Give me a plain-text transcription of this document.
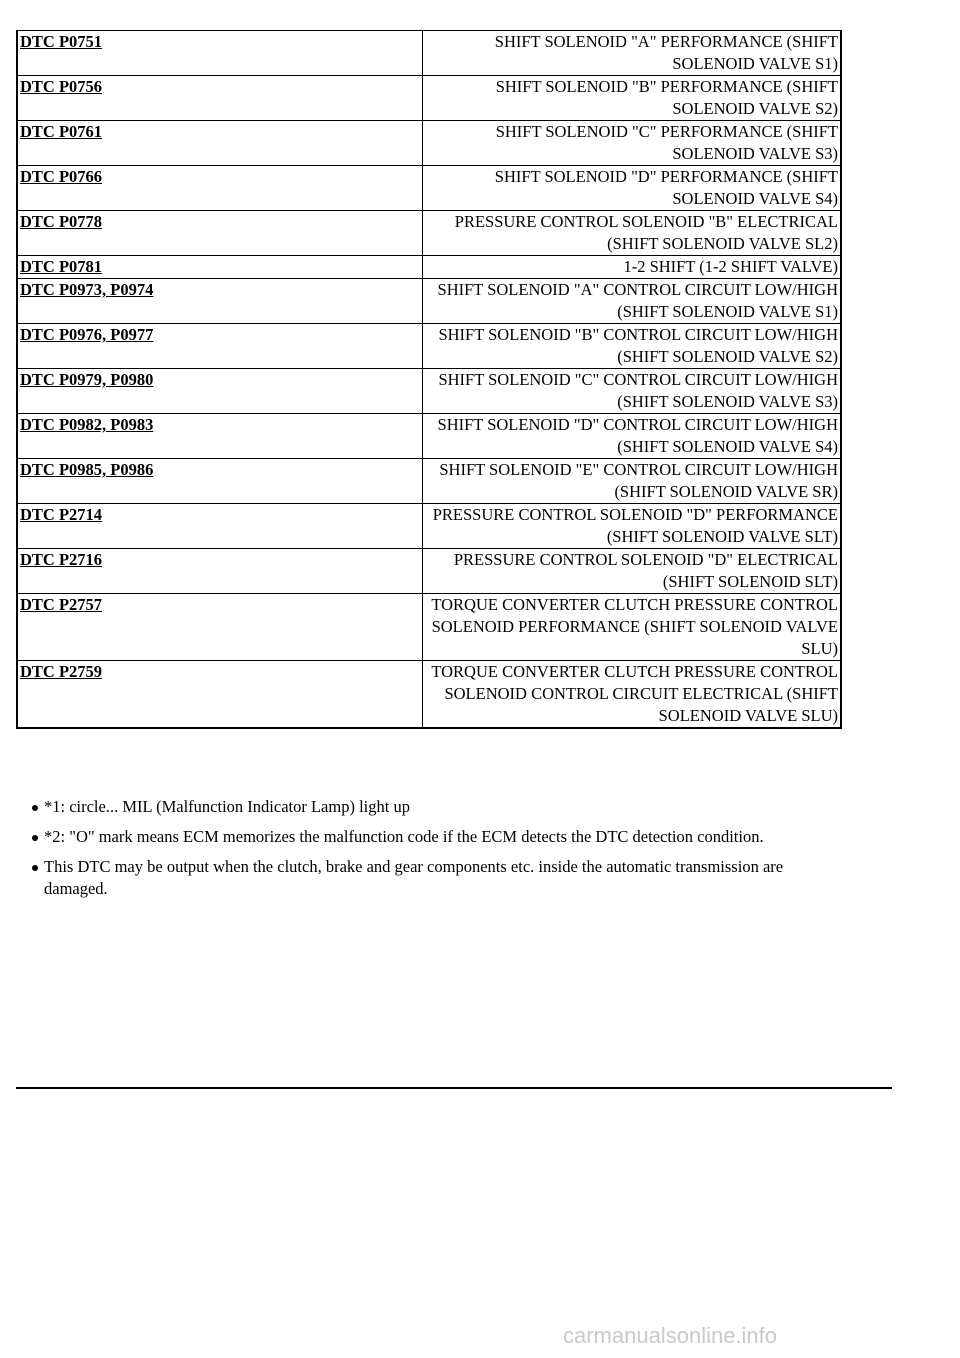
DTC P0751	SHIFT SOLENOID "A" PERFORMANCE (SHIFT SOLENOID VALVE S1)
DTC P0756	SHIFT SOLENOID "B" PERFORMANCE (SHIFT SOLENOID VALVE S2)
DTC P0761	SHIFT SOLENOID "C" PERFORMANCE (SHIFT SOLENOID VALVE S3)
DTC P0766	SHIFT SOLENOID "D" PERFORMANCE (SHIFT SOLENOID VALVE S4)
DTC P0778	PRESSURE CONTROL SOLENOID "B" ELECTRICAL (SHIFT SOLENOID VALVE SL2)
DTC P0781	1-2 SHIFT (1-2 SHIFT VALVE)
DTC P0973, P0974	SHIFT SOLENOID "A" CONTROL CIRCUIT LOW/HIGH (SHIFT SOLENOID VALVE S1)
DTC P0976, P0977	SHIFT SOLENOID "B" CONTROL CIRCUIT LOW/HIGH (SHIFT SOLENOID VALVE S2)
DTC P0979, P0980	SHIFT SOLENOID "C" CONTROL CIRCUIT LOW/HIGH (SHIFT SOLENOID VALVE S3)
DTC P0982, P0983	SHIFT SOLENOID "D" CONTROL CIRCUIT LOW/HIGH (SHIFT SOLENOID VALVE S4)
DTC P0985, P0986	SHIFT SOLENOID "E" CONTROL CIRCUIT LOW/HIGH (SHIFT SOLENOID VALVE SR)
DTC P2714	PRESSURE CONTROL SOLENOID "D" PERFORMANCE (SHIFT SOLENOID VALVE SLT)
DTC P2716	PRESSURE CONTROL SOLENOID "D" ELECTRICAL (SHIFT SOLENOID SLT)
DTC P2757	TORQUE CONVERTER CLUTCH PRESSURE CONTROL SOLENOID PERFORMANCE (SHIFT SOLENOID VALVE SLU)
DTC P2759	TORQUE CONVERTER CLUTCH PRESSURE CONTROL SOLENOID CONTROL CIRCUIT ELECTRICAL (SHIFT SOLENOID VALVE SLU)
*1: circle... MIL (Malfunction Indicator Lamp) light up
*2: "O" mark means ECM memorizes the malfunction code if the ECM detects the DTC detection condition.
This DTC may be output when the clutch, brake and gear components etc. inside the automatic transmission are damaged.
carmanualsonline.info
